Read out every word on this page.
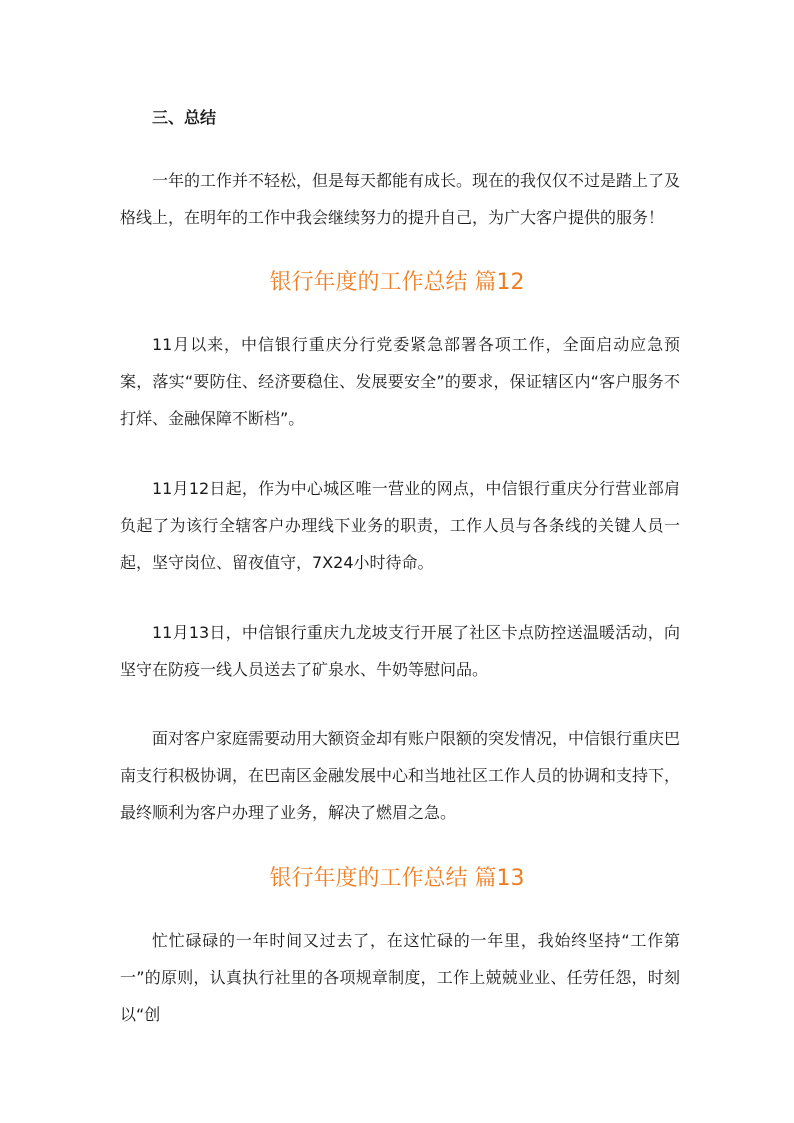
三、总结

一年的工作并不轻松，但是每天都能有成长。现在的我仅仅不过是踏上了及格线上，在明年的工作中我会继续努力的提升自己，为广大客户提供的服务！

银行年度的工作总结 篇12

11月以来，中信银行重庆分行党委紧急部署各项工作，全面启动应急预案，落实“要防住、经济要稳住、发展要安全”的要求，保证辖区内“客户服务不打烊、金融保障不断档”。

11月12日起，作为中心城区唯一营业的网点，中信银行重庆分行营业部肩负起了为该行全辖客户办理线下业务的职责，工作人员与各条线的关键人员一起，坚守岗位、留夜值守，7X24小时待命。

11月13日，中信银行重庆九龙坡支行开展了社区卡点防控送温暖活动，向坚守在防疫一线人员送去了矿泉水、牛奶等慰问品。

面对客户家庭需要动用大额资金却有账户限额的突发情况，中信银行重庆巴南支行积极协调，在巴南区金融发展中心和当地社区工作人员的协调和支持下，最终顺利为客户办理了业务，解决了燃眉之急。

银行年度的工作总结 篇13

忙忙碌碌的一年时间又过去了，在这忙碌的一年里，我始终坚持“工作第一”的原则，认真执行社里的各项规章制度，工作上兢兢业业、任劳任怨，时刻以“创
